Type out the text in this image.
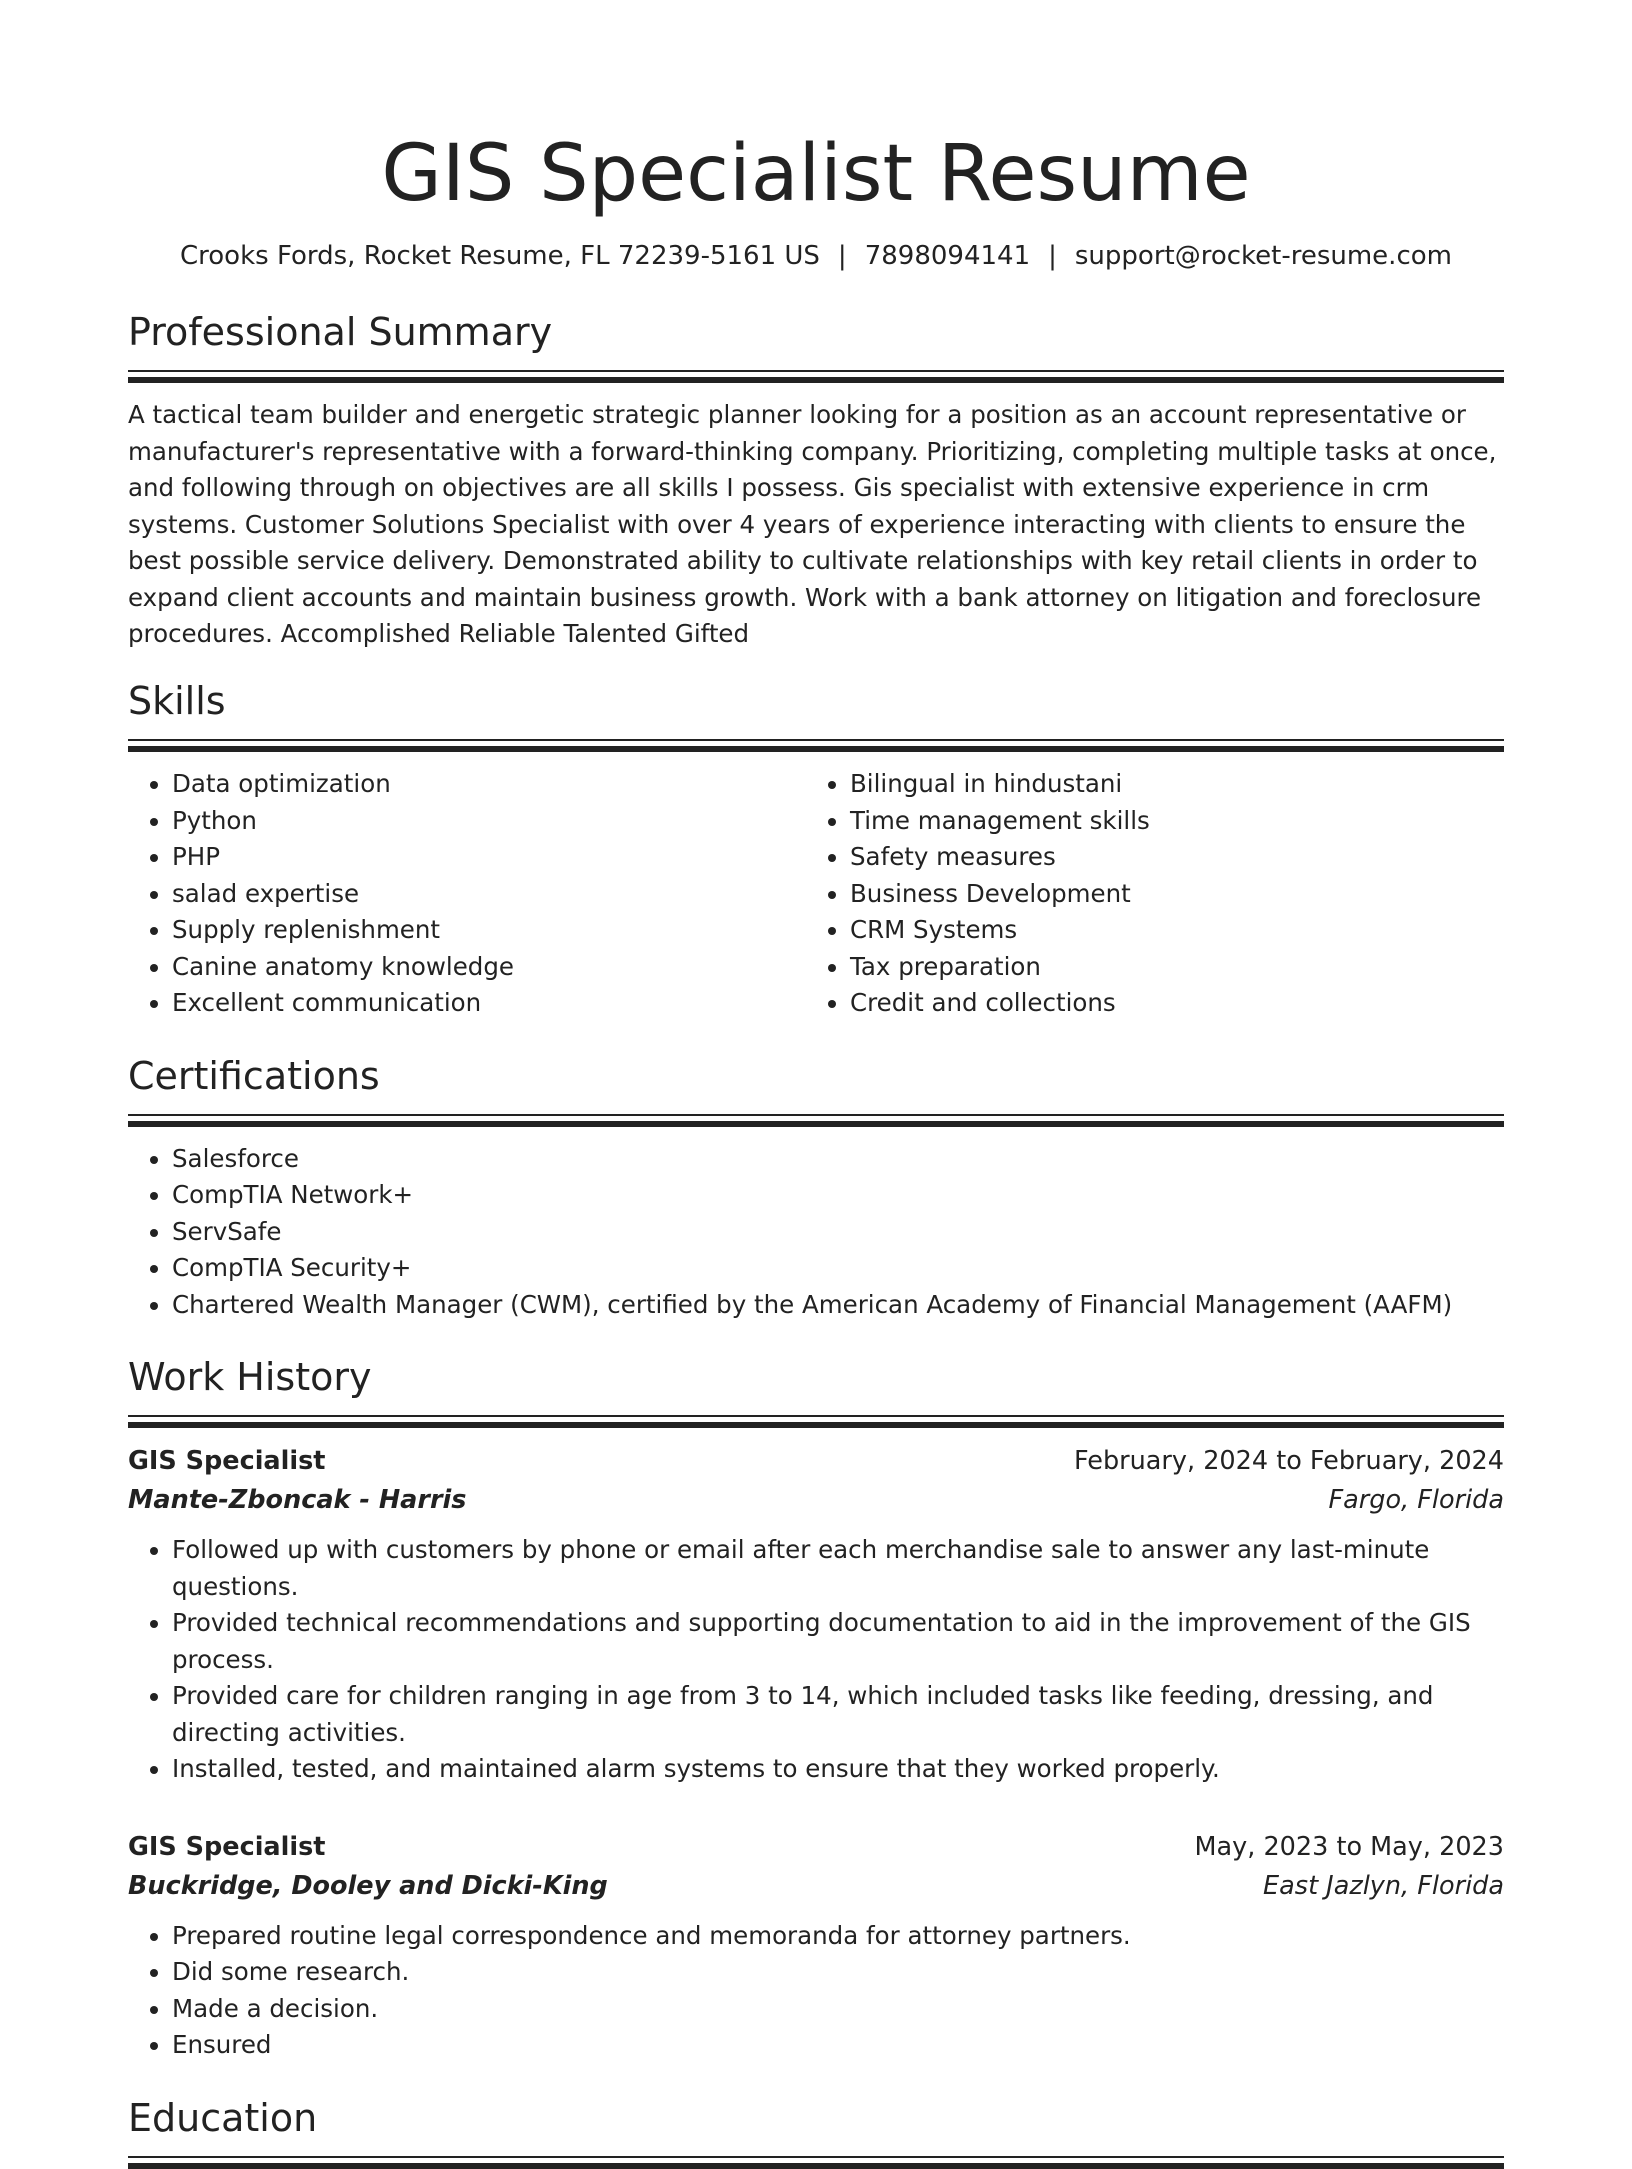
GIS Specialist Resume
Crooks Fords, Rocket Resume, FL 72239-5161 US | 7898094141 | support@rocket-resume.com
Professional Summary

A tactical team builder and energetic strategic planner looking for a position as an account representative or manufacturer's representative with a forward-thinking company. Prioritizing, completing multiple tasks at once, and following through on objectives are all skills I possess. Gis specialist with extensive experience in crm systems. Customer Solutions Specialist with over 4 years of experience interacting with clients to ensure the best possible service delivery. Demonstrated ability to cultivate relationships with key retail clients in order to expand client accounts and maintain business growth. Work with a bank attorney on litigation and foreclosure procedures. Accomplished Reliable Talented Gifted

Skills
• Data optimization
• Python
• PHP
• salad expertise
• Supply replenishment
• Canine anatomy knowledge
• Excellent communication
• Bilingual in hindustani
• Time management skills
• Safety measures
• Business Development
• CRM Systems
• Tax preparation
• Credit and collections
Certifications
• Salesforce
• CompTIA Network+
• ServSafe
• CompTIA Security+
• Chartered Wealth Manager (CWM), certified by the American Academy of Financial Management (AAFM)
Work History
GIS Specialist	February, 2024 to February, 2024
Mante-Zboncak - Harris	Fargo, Florida
• Followed up with customers by phone or email after each merchandise sale to answer any last-minute questions.
• Provided technical recommendations and supporting documentation to aid in the improvement of the GIS process.
• Provided care for children ranging in age from 3 to 14, which included tasks like feeding, dressing, and directing activities.
• Installed, tested, and maintained alarm systems to ensure that they worked properly.
GIS Specialist	May, 2023 to May, 2023
Buckridge, Dooley and Dicki-King	East Jazlyn, Florida
• Prepared routine legal correspondence and memoranda for attorney partners.
• Did some research.
• Made a decision.
• Ensured
Education
